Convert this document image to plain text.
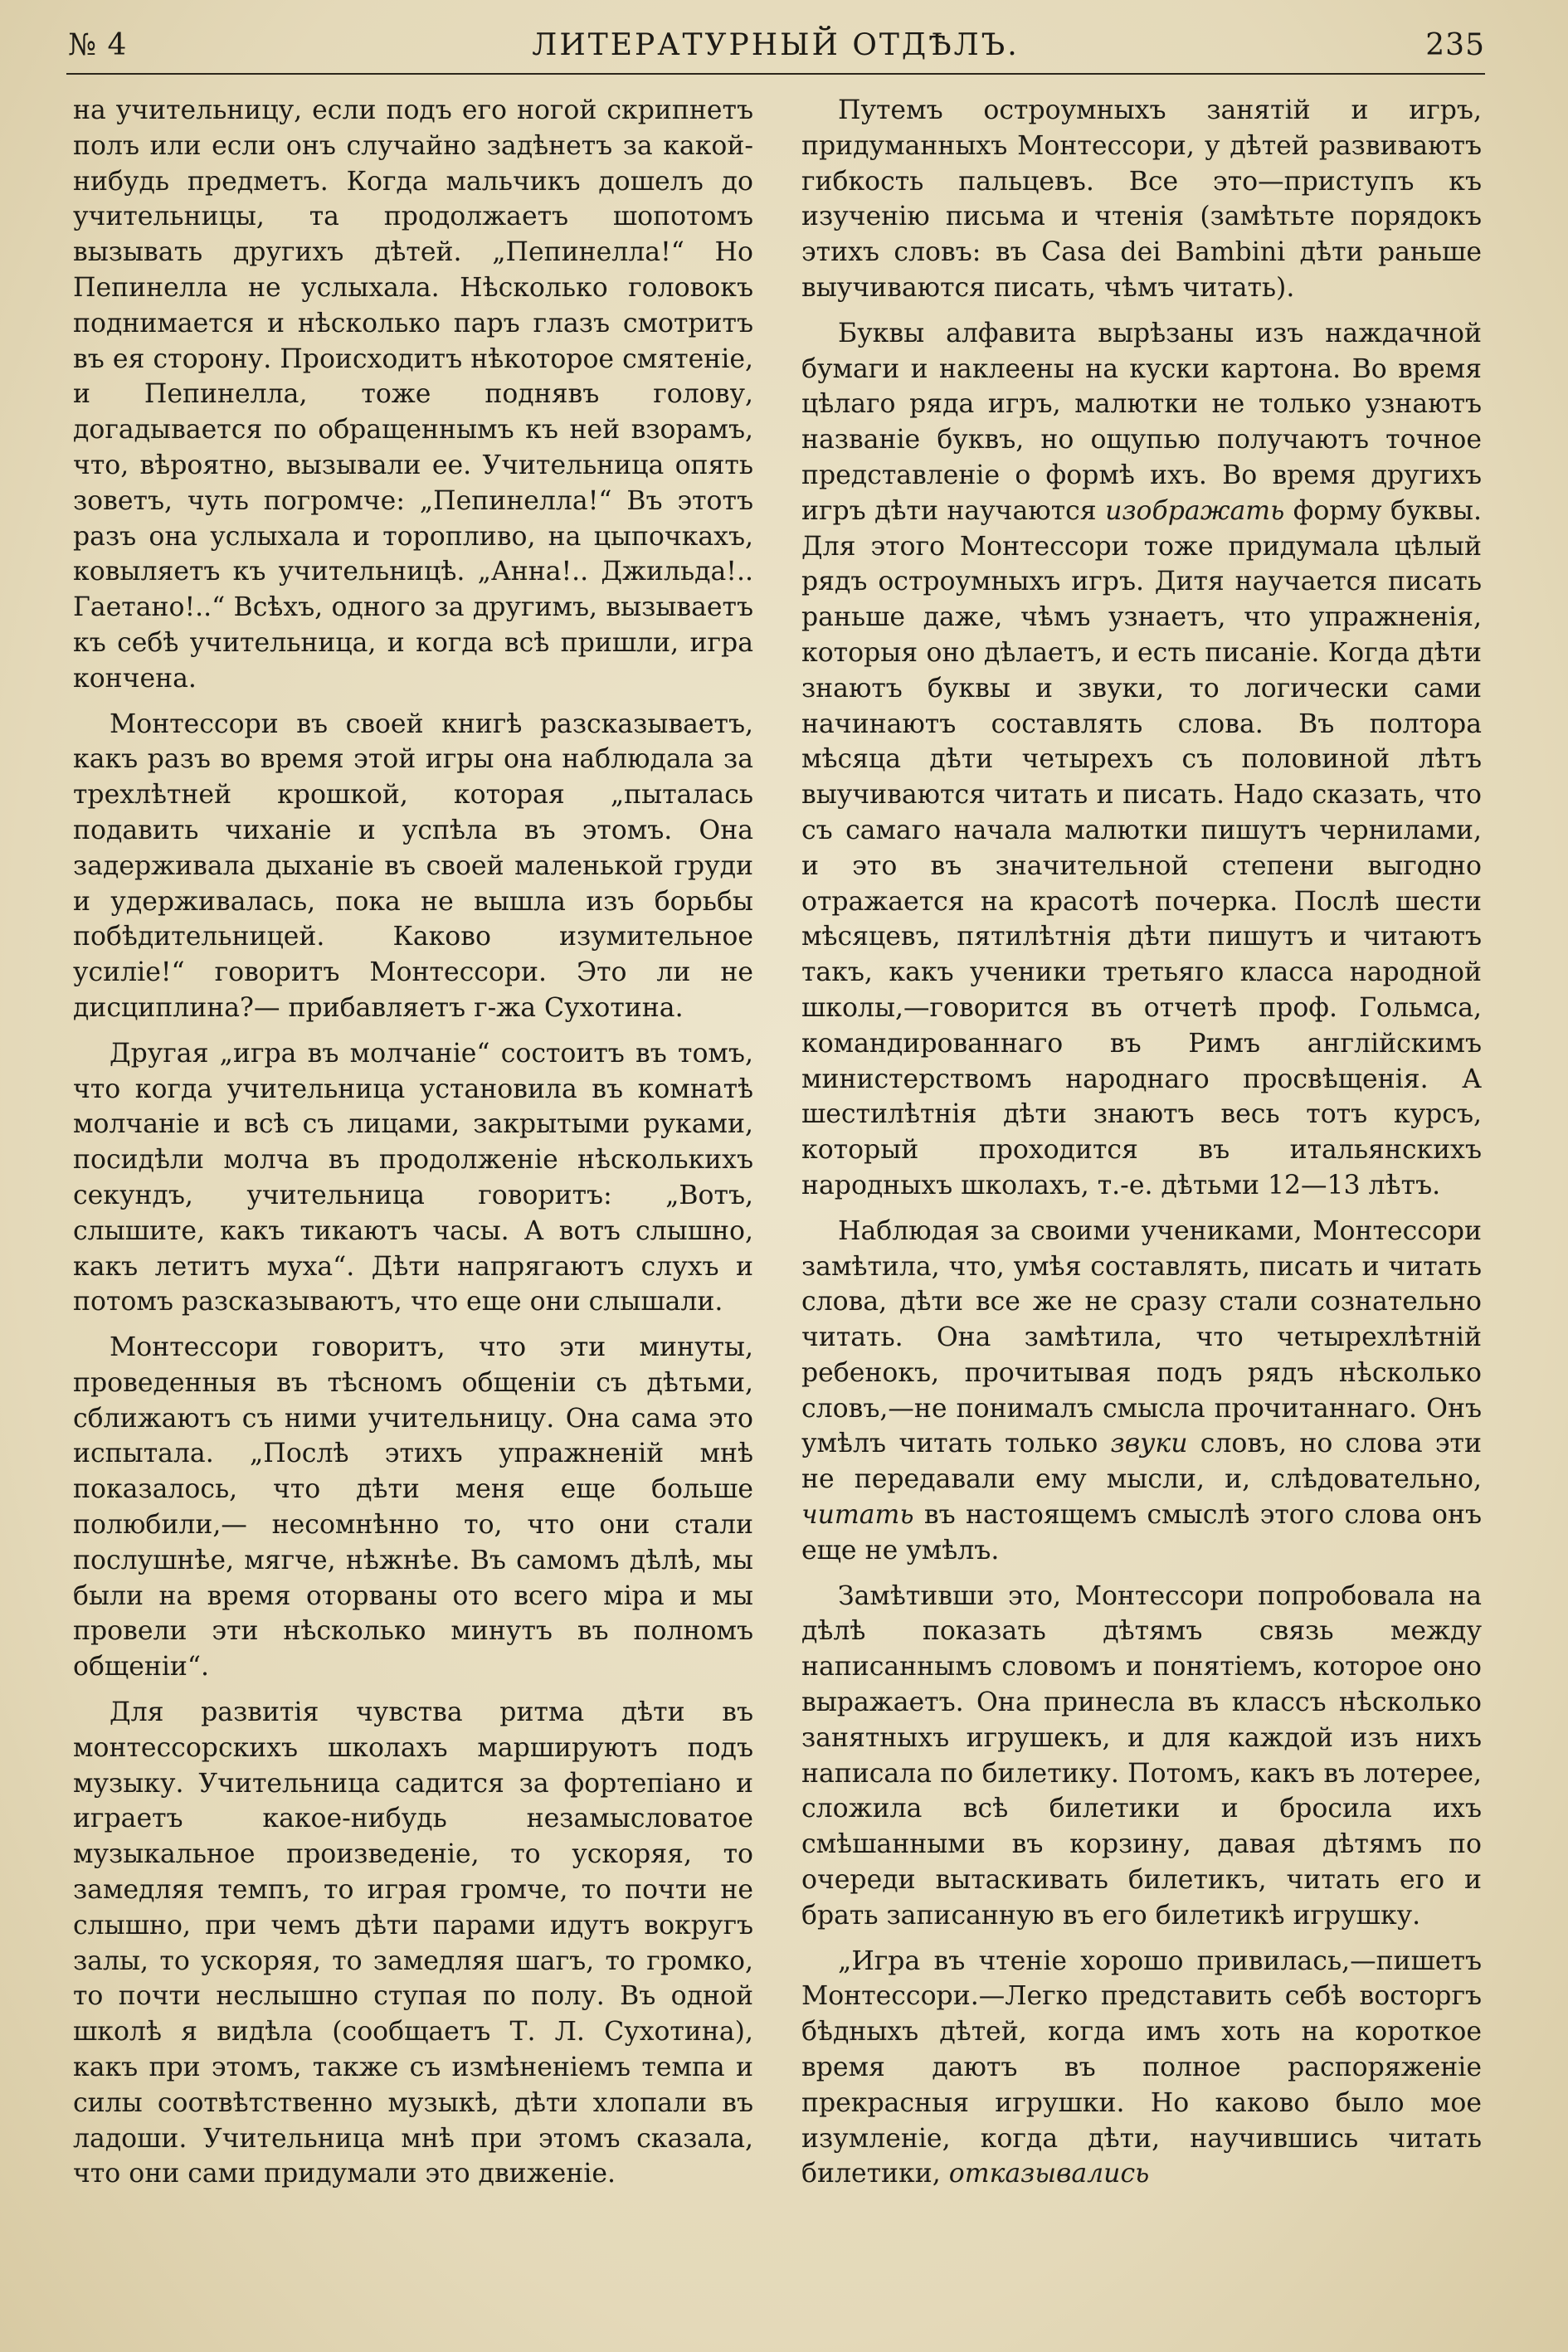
№ 4	ЛИТЕРАТУРНЫЙ ОТДѢЛЪ.	235

на учительницу, если подъ его ногой скрипнетъ полъ или если онъ случайно задѣнетъ за какой-нибудь предметъ. Когда мальчикъ дошелъ до учительницы, та продолжаетъ шопотомъ вызывать другихъ дѣтей. „Пепинелла!“ Но Пепинелла не услыхала. Нѣсколько головокъ поднимается и нѣсколько паръ глазъ смотритъ въ ея сторону. Происходитъ нѣкоторое смятеніе, и Пепинелла, тоже поднявъ голову, догадывается по обращеннымъ къ ней взорамъ, что, вѣроятно, вызывали ее. Учительница опять зоветъ, чуть погромче: „Пепинелла!“ Въ этотъ разъ она услыхала и торопливо, на цыпочкахъ, ковыляетъ къ учительницѣ. „Анна!.. Джильда!.. Гаетано!..“ Всѣхъ, одного за другимъ, вызываетъ къ себѣ учительница, и когда всѣ пришли, игра кончена.

Монтессори въ своей книгѣ разсказываетъ, какъ разъ во время этой игры она наблюдала за трехлѣтней крошкой, которая „пыталась подавить чиханіе и успѣла въ этомъ. Она задерживала дыханіе въ своей маленькой груди и удерживалась, пока не вышла изъ борьбы побѣдительницей. Каково изумительное усиліе!“ говоритъ Монтессори. Это ли не дисциплина?— прибавляетъ г-жа Сухотина.

Другая „игра въ молчаніе“ состоитъ въ томъ, что когда учительница установила въ комнатѣ молчаніе и всѣ съ лицами, закрытыми руками, посидѣли молча въ продолженіе нѣсколькихъ секундъ, учительница говоритъ: „Вотъ, слышите, какъ тикаютъ часы. А вотъ слышно, какъ летитъ муха“. Дѣти напрягаютъ слухъ и потомъ разсказываютъ, что еще они слышали.

Монтессори говоритъ, что эти минуты, проведенныя въ тѣсномъ общеніи съ дѣтьми, сближаютъ съ ними учительницу. Она сама это испытала. „Послѣ этихъ упражненій мнѣ показалось, что дѣти меня еще больше полюбили,— несомнѣнно то, что они стали послушнѣе, мягче, нѣжнѣе. Въ самомъ дѣлѣ, мы были на время оторваны ото всего міра и мы провели эти нѣсколько минутъ въ полномъ общеніи“.

Для развитія чувства ритма дѣти въ монтессорскихъ школахъ маршируютъ подъ музыку. Учительница садится за фортепіано и играетъ какое-нибудь незамысловатое музыкальное произведеніе, то ускоряя, то замедляя темпъ, то играя громче, то почти не слышно, при чемъ дѣти парами идутъ вокругъ залы, то ускоряя, то замедляя шагъ, то громко, то почти неслышно ступая по полу. Въ одной школѣ я видѣла (сообщаетъ Т. Л. Сухотина), какъ при этомъ, также съ измѣненіемъ темпа и силы соотвѣтственно музыкѣ, дѣти хлопали въ ладоши. Учительница мнѣ при этомъ сказала, что они сами придумали это движеніе.

Путемъ остроумныхъ занятій и игръ, придуманныхъ Монтессори, у дѣтей развиваютъ гибкость пальцевъ. Все это—приступъ къ изученію письма и чтенія (замѣтьте порядокъ этихъ словъ: въ Casa dei Bambini дѣти раньше выучиваются писать, чѣмъ читать).

Буквы алфавита вырѣзаны изъ наждачной бумаги и наклеены на куски картона. Во время цѣлаго ряда игръ, малютки не только узнаютъ названіе буквъ, но ощупью получаютъ точное представленіе о формѣ ихъ. Во время другихъ игръ дѣти научаются изображать форму буквы. Для этого Монтессори тоже придумала цѣлый рядъ остроумныхъ игръ. Дитя научается писать раньше даже, чѣмъ узнаетъ, что упражненія, которыя оно дѣлаетъ, и есть писаніе. Когда дѣти знаютъ буквы и звуки, то логически сами начинаютъ составлять слова. Въ полтора мѣсяца дѣти четырехъ съ половиной лѣтъ выучиваются читать и писать. Надо сказать, что съ самаго начала малютки пишутъ чернилами, и это въ значительной степени выгодно отражается на красотѣ почерка. Послѣ шести мѣсяцевъ, пятилѣтнія дѣти пишутъ и читаютъ такъ, какъ ученики третьяго класса народной школы,—говорится въ отчетѣ проф. Гольмса, командированнаго въ Римъ англійскимъ министерствомъ народнаго просвѣщенія. А шестилѣтнія дѣти знаютъ весь тотъ курсъ, который проходится въ итальянскихъ народныхъ школахъ, т.-е. дѣтьми 12—13 лѣтъ.

Наблюдая за своими учениками, Монтессори замѣтила, что, умѣя составлять, писать и читать слова, дѣти все же не сразу стали сознательно читать. Она замѣтила, что четырехлѣтній ребенокъ, прочитывая подъ рядъ нѣсколько словъ,—не понималъ смысла прочитаннаго. Онъ умѣлъ читать только звуки словъ, но слова эти не передавали ему мысли, и, слѣдовательно, читать въ настоящемъ смыслѣ этого слова онъ еще не умѣлъ.

Замѣтивши это, Монтессори попробовала на дѣлѣ показать дѣтямъ связь между написаннымъ словомъ и понятіемъ, которое оно выражаетъ. Она принесла въ классъ нѣсколько занятныхъ игрушекъ, и для каждой изъ нихъ написала по билетику. Потомъ, какъ въ лотерее, сложила всѣ билетики и бросила ихъ смѣшанными въ корзину, давая дѣтямъ по очереди вытаскивать билетикъ, читать его и брать записанную въ его билетикѣ игрушку.

„Игра въ чтеніе хорошо привилась,—пишетъ Монтессори.—Легко представить себѣ восторгъ бѣдныхъ дѣтей, когда имъ хоть на короткое время даютъ въ полное распоряженіе прекрасныя игрушки. Но каково было мое изумленіе, когда дѣти, научившись читать билетики, отказывались
